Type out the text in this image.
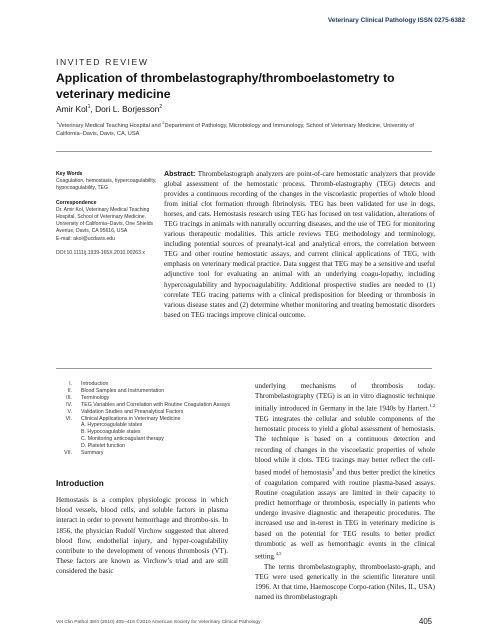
Veterinary Clinical Pathology ISSN 0275-6382
INVITED REVIEW
Application of thrombelastography/thromboelastometry to veterinary medicine
Amir Kol$^1$, Dori L. Borjesson$^2$
$^1$Veterinary Medical Teaching Hospital and $^2$Department of Pathology, Microbiology and Immunology, School of Veterinary Medicine, University of California–Davis, Davis, CA, USA
Key Words
Coagulation, hemostasis, hypercoagulability, hypocoagulability, TEG
Correspondence
Dr. Amir Kol, Veterinary Medical Teaching
Hospital, School of Veterinary Medicine,
University of California–Davis, One Shields
Avenue, Davis, CA 95616, USA
E-mail: akol@ucdavis.edu
DOI:10.1111/j.1939-165X.2010.00263.x
Abstract: Thrombelastograph analyzers are point-of-care hemostatic analyzers that provide global assessment of the hemostatic process. Thromb-elastography (TEG) detects and provides a continuous recording of the changes in the viscoelastic properties of whole blood from initial clot formation through fibrinolysis. TEG has been validated for use in dogs, horses, and cats. Hemostasis research using TEG has focused on test validation, alterations of TEG tracings in animals with naturally occurring diseases, and the use of TEG for monitoring various therapeutic modalities. This article reviews TEG methodology and terminology, including potential sources of preanalyt-ical and analytical errors, the correlation between TEG and other routine hemostatic assays, and current clinical applications of TEG, with emphasis on veterinary medical practice. Data suggest that TEG may be a sensitive and useful adjunctive tool for evaluating an animal with an underlying coagu-lopathy, including hypercoagulability and hypocoagulability. Additional prospective studies are needed to (1) correlate TEG tracing patterns with a clinical predisposition for bleeding or thrombosis in various disease states and (2) determine whether monitoring and treating hemostatic disorders based on TEG tracings improve clinical outcome.
I.	Introduction
II.	Blood Samples and Instrumentation
III.	Terminology
IV.	TEG Variables and Correlation with Routine Coagulation Assays
V.	Validation Studies and Preanalytical Factors
VI.	Clinical Applications in Veterinary Medicine
A. Hypercoagulable states
B. Hypocoagulable states
C. Monitoring anticoagulant therapy
D. Platelet function
VII.	Summary
Introduction

Hemostasis is a complex physiologic process in which blood vessels, blood cells, and soluble factors in plasma interact in order to prevent hemorrhage and thrombo-sis. In 1856, the physician Rudolf Virchow suggested that altered blood flow, endothelial injury, and hyper-coagulability contribute to the development of venous thrombosis (VT). These factors are known as Virchow’s triad and are still considered the basic

underlying mechanisms of thrombosis today. Thrombelastography (TEG) is an in vitro diagnostic technique initially introduced in Germany in the late 1940s by Hartert.$^{1,2}$ TEG integrates the cellular and soluble components of the hemostatic process to yield a global assessment of hemostasis. The technique is based on a continuous detection and recording of changes in the viscoelastic properties of whole blood while it clots. TEG tracings may better reflect the cell-based model of hemostasis$^3$ and thus better predict the kinetics of coagulation compared with routine plasma-based assays. Routine coagulation assays are limited in their capacity to predict hemorrhage or thrombosis, especially in patients who undergo invasive diagnostic and therapeutic procedures. The increased use and in-terest in TEG in veterinary medicine is based on the potential for TEG results to better predict thrombotic as well as hemorrhagic events in the clinical setting.$^{4,5}$

The terms thrombelastography, thromboelasto-graph, and TEG were used generically in the scientific literature until 1996. At that time, Haemoscope Corpo-ration (Niles, IL, USA) named its thrombelastograph

Vet Clin Pathol 39/4 (2010) 405–416 ©2010 American Society for Veterinary Clinical Pathology	405
